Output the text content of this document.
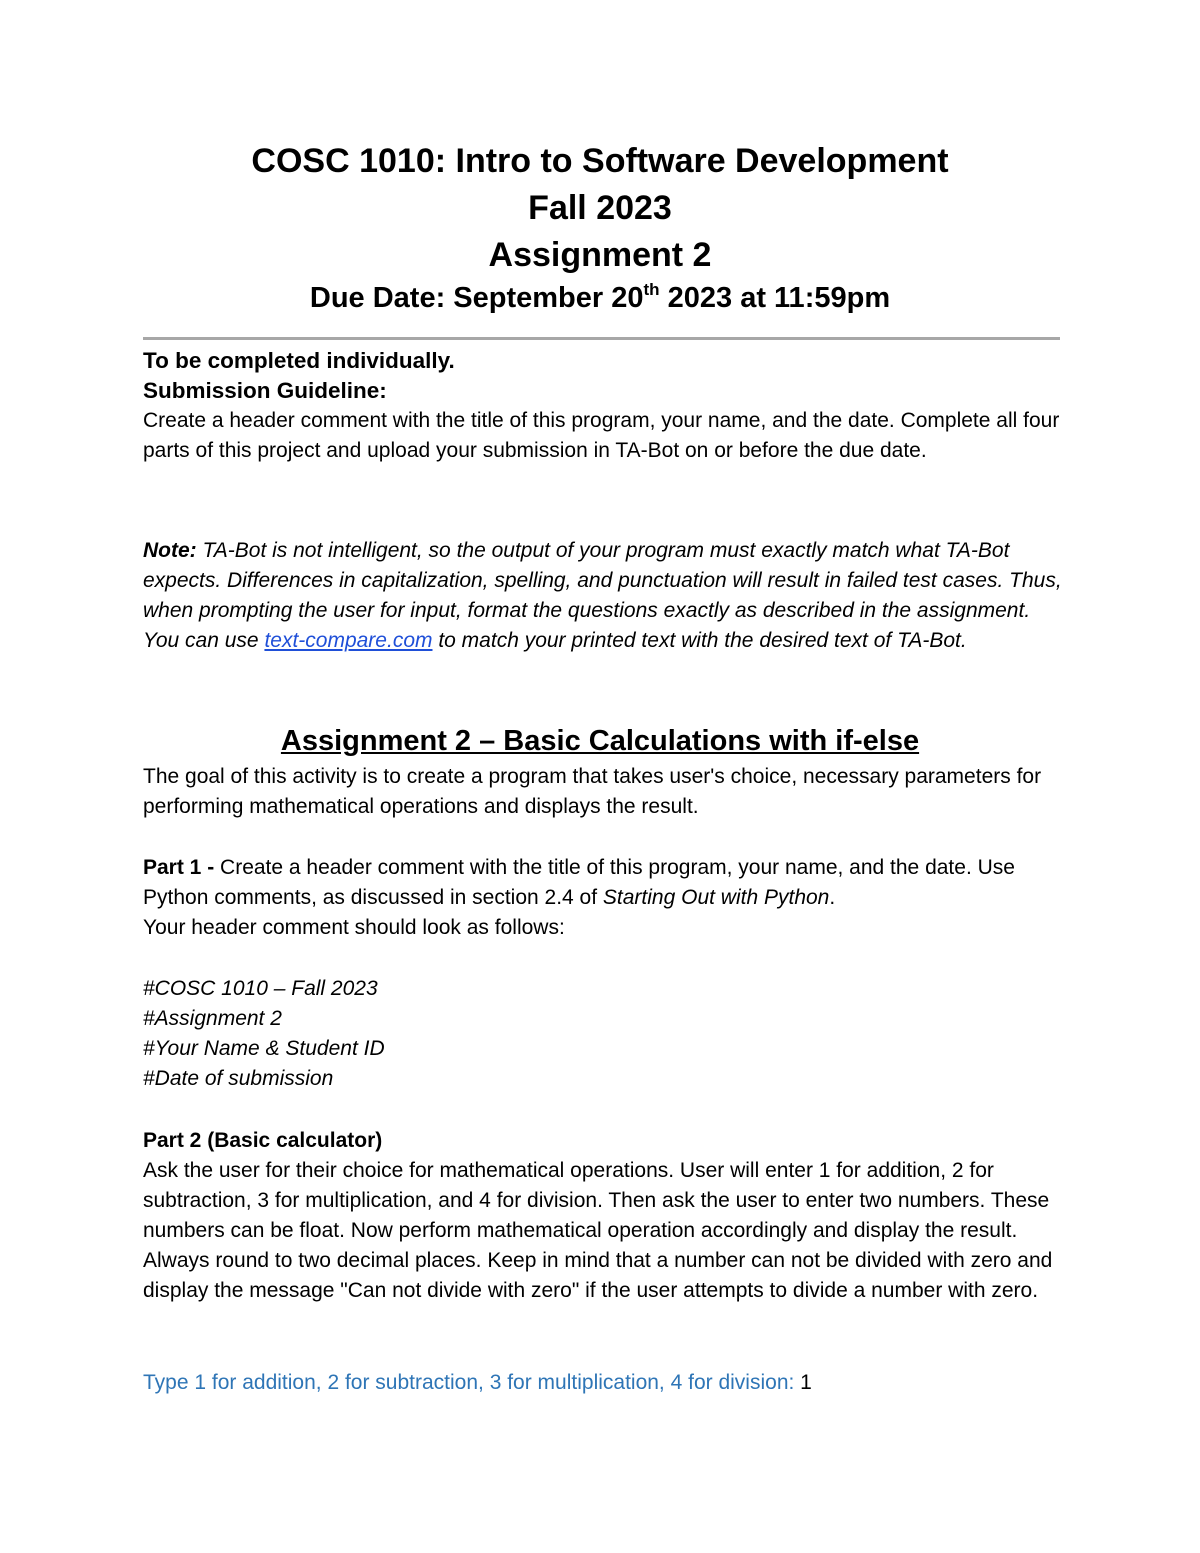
COSC 1010: Intro to Software Development
Fall 2023
Assignment 2
Due Date: September 20th 2023 at 11:59pm

To be completed individually.

Submission Guideline:

Create a header comment with the title of this program, your name, and the date. Complete all four parts of this project and upload your submission in TA-Bot on or before the due date.

Note: TA-Bot is not intelligent, so the output of your program must exactly match what TA-Bot expects. Differences in capitalization, spelling, and punctuation will result in failed test cases. Thus, when prompting the user for input, format the questions exactly as described in the assignment. You can use text-compare.com to match your printed text with the desired text of TA-Bot.

Assignment 2 – Basic Calculations with if-else

The goal of this activity is to create a program that takes user's choice, necessary parameters for performing mathematical operations and displays the result.

Part 1 - Create a header comment with the title of this program, your name, and the date. Use Python comments, as discussed in section 2.4 of Starting Out with Python.

Your header comment should look as follows:

#COSC 1010 – Fall 2023

#Assignment 2

#Your Name & Student ID

#Date of submission

Part 2 (Basic calculator)

Ask the user for their choice for mathematical operations. User will enter 1 for addition, 2 for subtraction, 3 for multiplication, and 4 for division. Then ask the user to enter two numbers. These numbers can be float. Now perform mathematical operation accordingly and display the result. Always round to two decimal places. Keep in mind that a number can not be divided with zero and display the message "Can not divide with zero" if the user attempts to divide a number with zero.

Type 1 for addition, 2 for subtraction, 3 for multiplication, 4 for division: 1
